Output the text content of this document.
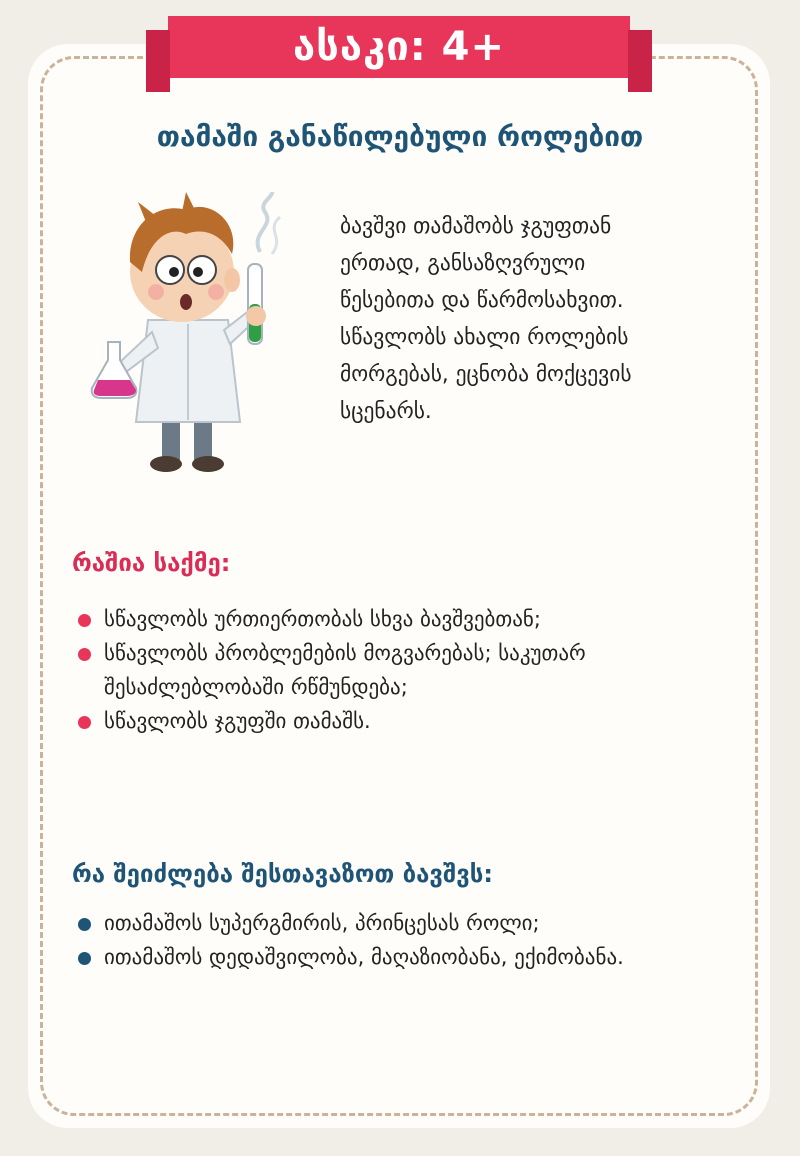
ასაკი: 4+
თამაში განაწილებული როლებით
ბავშვი თამაშობს ჯგუფთან
ერთად, განსაზღვრული
წესებითა და წარმოსახვით.
სწავლობს ახალი როლების
მორგებას, ეცნობა მოქცევის
სცენარს.
რაშია საქმე:
სწავლობს ურთიერთობას სხვა ბავშვებთან;
სწავლობს პრობლემების მოგვარებას; საკუთარ შესაძლებლობაში რწმუნდება;
სწავლობს ჯგუფში თამაშს.
რა შეიძლება შესთავაზოთ ბავშვს:
ითამაშოს სუპერგმირის, პრინცესას როლი;
ითამაშოს დედაშვილობა, მაღაზიობანა, ექიმობანა.
